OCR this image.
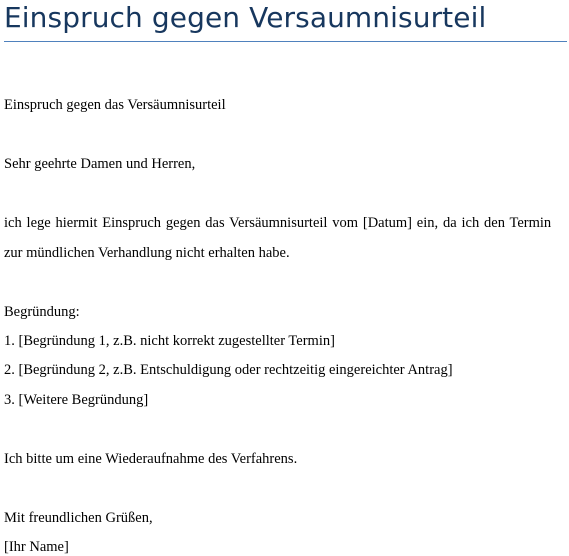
Einspruch gegen Versaumnisurteil

Einspruch gegen das Versäumnisurteil

Sehr geehrte Damen und Herren,

ich lege hiermit Einspruch gegen das Versäumnisurteil vom [Datum] ein, da ich den Termin

zur mündlichen Verhandlung nicht erhalten habe.

Begründung:

1. [Begründung 1, z.B. nicht korrekt zugestellter Termin]

2. [Begründung 2, z.B. Entschuldigung oder rechtzeitig eingereichter Antrag]

3. [Weitere Begründung]

Ich bitte um eine Wiederaufnahme des Verfahrens.

Mit freundlichen Grüßen,

[Ihr Name]
